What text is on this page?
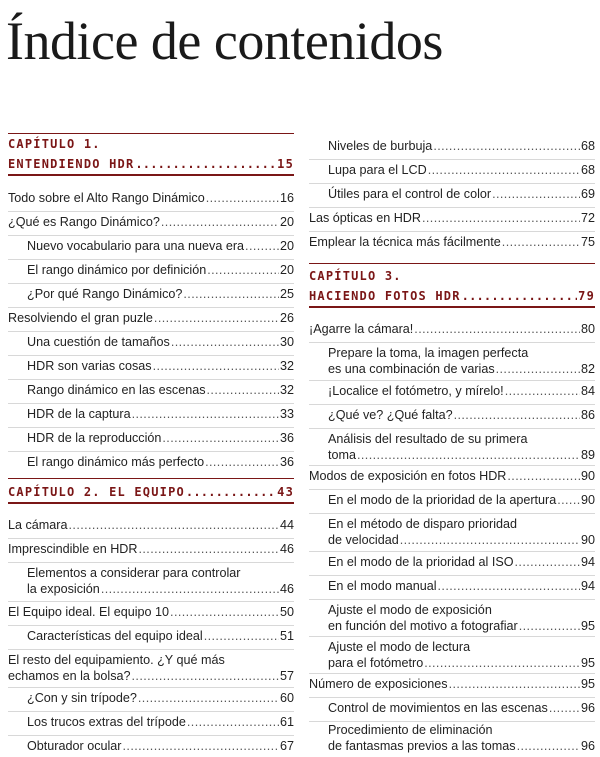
Índice de contenidos
CAPÍTULO 1.
ENTENDIENDO HDR .....	15
Todo sobre el Alto Rango Dinámico .....	16
¿Qué es Rango Dinámico? .....	20
Nuevo vocabulario para una nueva era .....	20
El rango dinámico por definición .....	20
¿Por qué Rango Dinámico? .....	25
Resolviendo el gran puzle .....	26
Una cuestión de tamaños .....	30
HDR son varias cosas .....	32
Rango dinámico en las escenas .....	32
HDR de la captura .....	33
HDR de la reproducción .....	36
El rango dinámico más perfecto .....	36
CAPÍTULO 2. EL EQUIPO .....	43
La cámara .....	44
Imprescindible en HDR .....	46
Elementos a considerar para controlar
la exposición .....	46
El Equipo ideal. El equipo 10 .....	50
Características del equipo ideal .....	51
El resto del equipamiento. ¿Y qué más
echamos en la bolsa? .....	57
¿Con y sin trípode? .....	60
Los trucos extras del trípode .....	61
Obturador ocular .....	67
Niveles de burbuja .....	68
Lupa para el LCD .....	68
Útiles para el control de color .....	69
Las ópticas en HDR .....	72
Emplear la técnica más fácilmente .....	75
CAPÍTULO 3.
HACIENDO FOTOS HDR .....	79
¡Agarre la cámara! .....	80
Prepare la toma, la imagen perfecta
es una combinación de varias .....	82
¡Localice el fotómetro, y mírelo! .....	84
¿Qué ve? ¿Qué falta? .....	86
Análisis del resultado de su primera
toma .....	89
Modos de exposición en fotos HDR .....	90
En el modo de la prioridad de la apertura ..... 90
En el método de disparo prioridad
de velocidad .....	90
En el modo de la prioridad al ISO .....	94
En el modo manual .....	94
Ajuste el modo de exposición
en función del motivo a fotografiar .....	95
Ajuste el modo de lectura
para el fotómetro .....	95
Número de exposiciones .....	95
Control de movimientos en las escenas .....	96
Procedimiento de eliminación
de fantasmas previos a las tomas .....	96
